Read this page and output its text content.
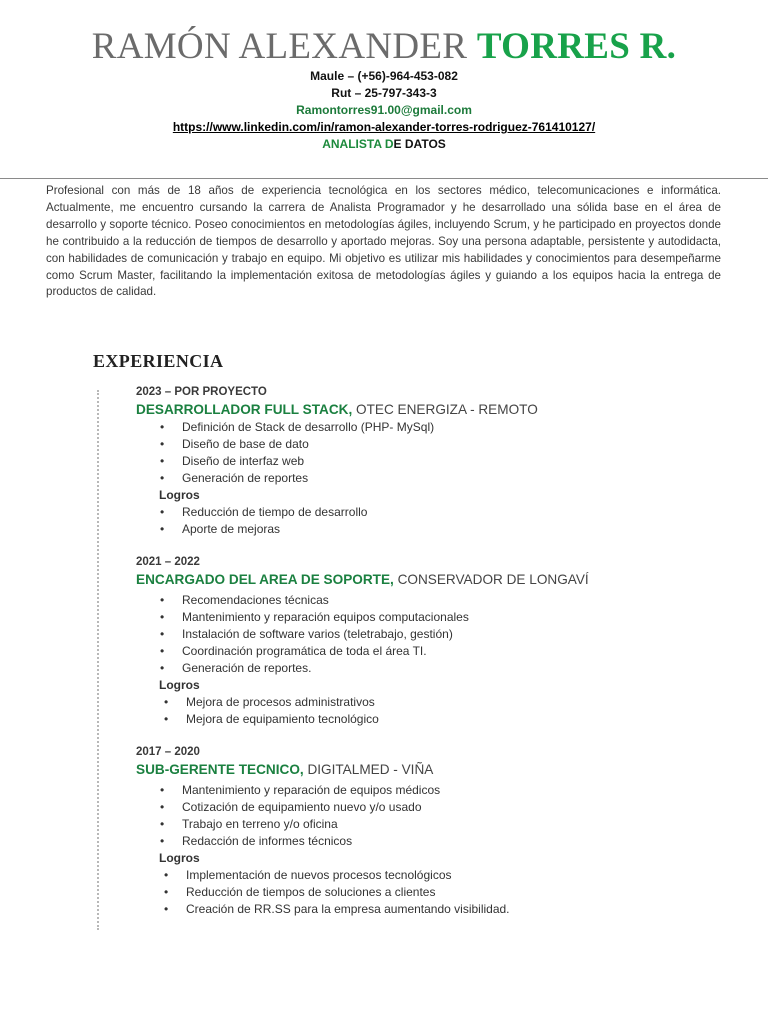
RAMÓN ALEXANDER TORRES R.
Maule – (+56)-964-453-082
Rut – 25-797-343-3
Ramontorres91.00@gmail.com
https://www.linkedin.com/in/ramon-alexander-torres-rodriguez-761410127/
ANALISTA DE DATOS
Profesional con más de 18 años de experiencia tecnológica en los sectores médico, telecomunicaciones e informática. Actualmente, me encuentro cursando la carrera de Analista Programador y he desarrollado una sólida base en el área de desarrollo y soporte técnico. Poseo conocimientos en metodologías ágiles, incluyendo Scrum, y he participado en proyectos donde he contribuido a la reducción de tiempos de desarrollo y aportado mejoras. Soy una persona adaptable, persistente y autodidacta, con habilidades de comunicación y trabajo en equipo. Mi objetivo es utilizar mis habilidades y conocimientos para desempeñarme como Scrum Master, facilitando la implementación exitosa de metodologías ágiles y guiando a los equipos hacia la entrega de productos de calidad.
EXPERIENCIA
2023 – POR PROYECTO
DESARROLLADOR FULL STACK, OTEC ENERGIZA - REMOTO
• Definición de Stack de desarrollo (PHP- MySql)
• Diseño de base de dato
• Diseño de interfaz web
• Generación de reportes
Logros
• Reducción de tiempo de desarrollo
• Aporte de mejoras
2021 – 2022
ENCARGADO DEL AREA DE SOPORTE, CONSERVADOR DE LONGAVÍ
• Recomendaciones técnicas
• Mantenimiento y reparación equipos computacionales
• Instalación de software varios (teletrabajo, gestión)
• Coordinación programática de toda el área TI.
• Generación de reportes.
Logros
• Mejora de procesos administrativos
• Mejora de equipamiento tecnológico
2017 – 2020
SUB-GERENTE TECNICO, DIGITALMED - VIÑA
• Mantenimiento y reparación de equipos médicos
• Cotización de equipamiento nuevo y/o usado
• Trabajo en terreno y/o oficina
• Redacción de informes técnicos
Logros
• Implementación de nuevos procesos tecnológicos
• Reducción de tiempos de soluciones a clientes
• Creación de RR.SS para la empresa aumentando visibilidad.
